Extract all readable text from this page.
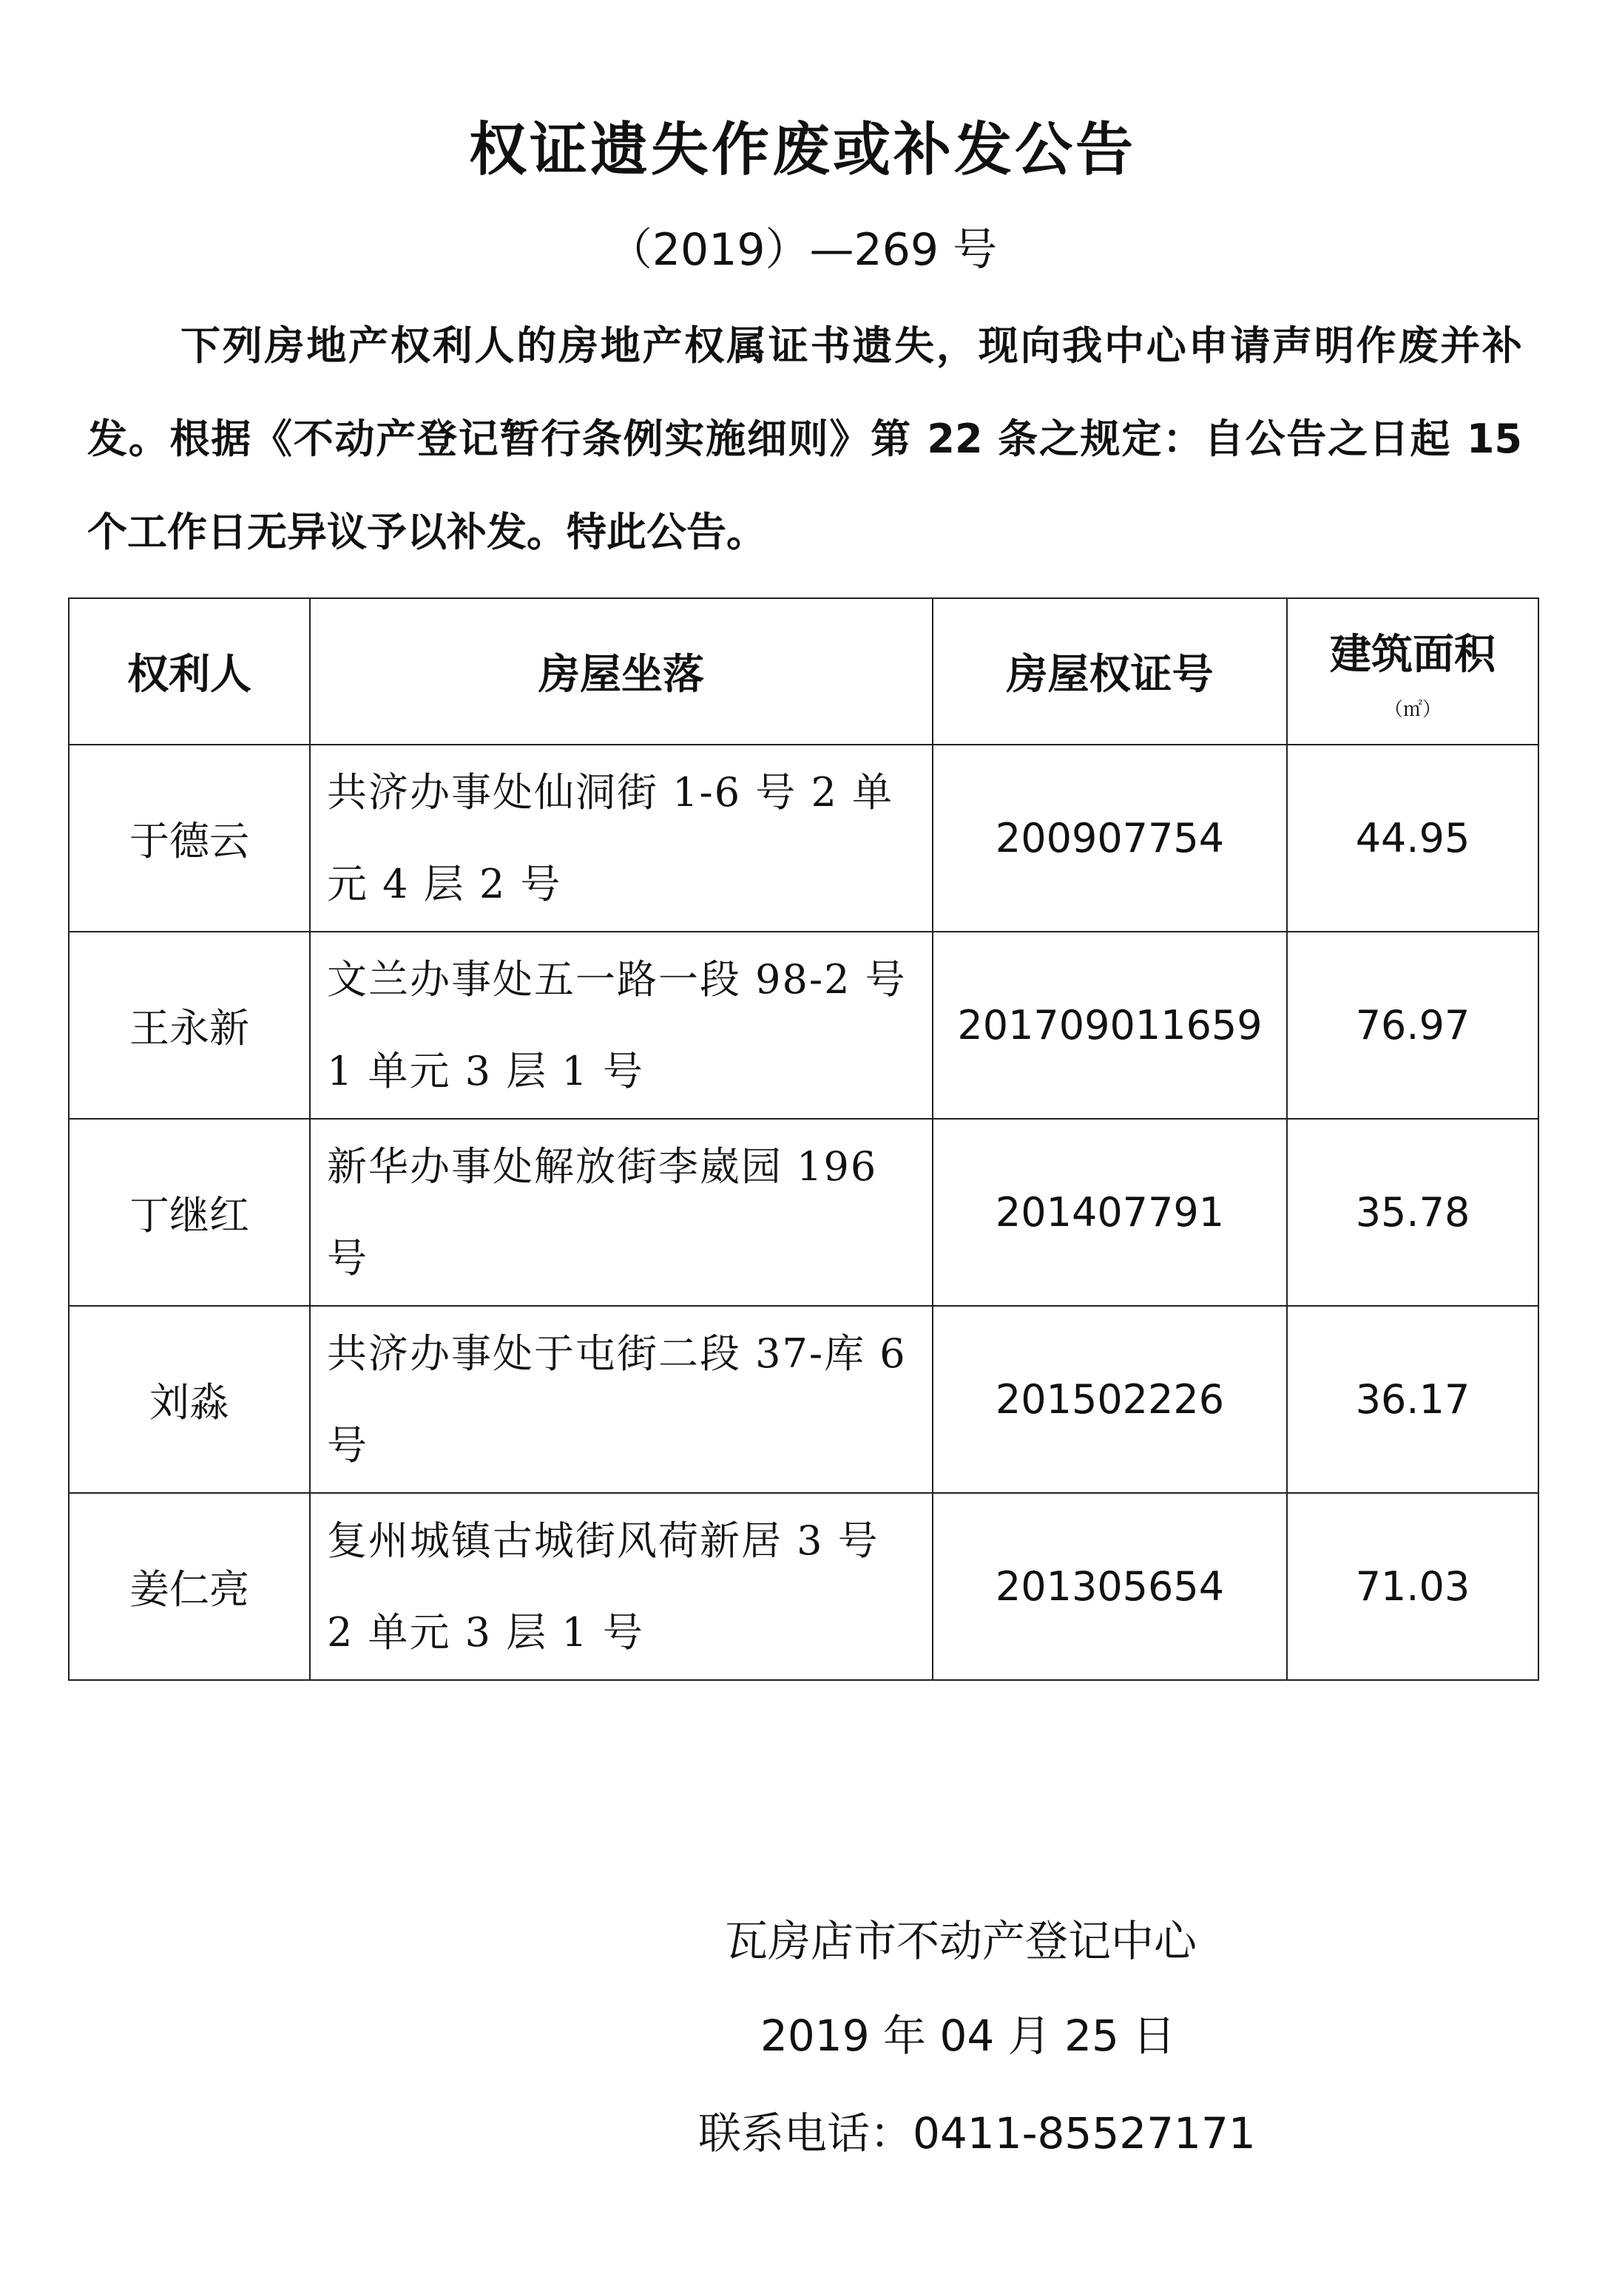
权证遗失作废或补发公告
（2019）—269 号
下列房地产权利人的房地产权属证书遗失，现向我中心申请声明作废并补发。根据《不动产登记暂行条例实施细则》第 22 条之规定：自公告之日起 15 个工作日无异议予以补发。特此公告。
权利人	房屋坐落	房屋权证号	建筑面积
（㎡）

于德云	共济办事处仙洞街 1-6 号 2 单元 4 层 2 号	200907754	44.95
王永新	文兰办事处五一路一段 98-2 号 1 单元 3 层 1 号	201709011659	76.97
丁继红	新华办事处解放街李崴园 196 号	201407791	35.78
刘淼	共济办事处于屯街二段 37-库 6 号	201502226	36.17
姜仁亮	复州城镇古城街风荷新居 3 号 2 单元 3 层 1 号	201305654	71.03
瓦房店市不动产登记中心
2019 年 04 月 25 日
联系电话：0411-85527171
